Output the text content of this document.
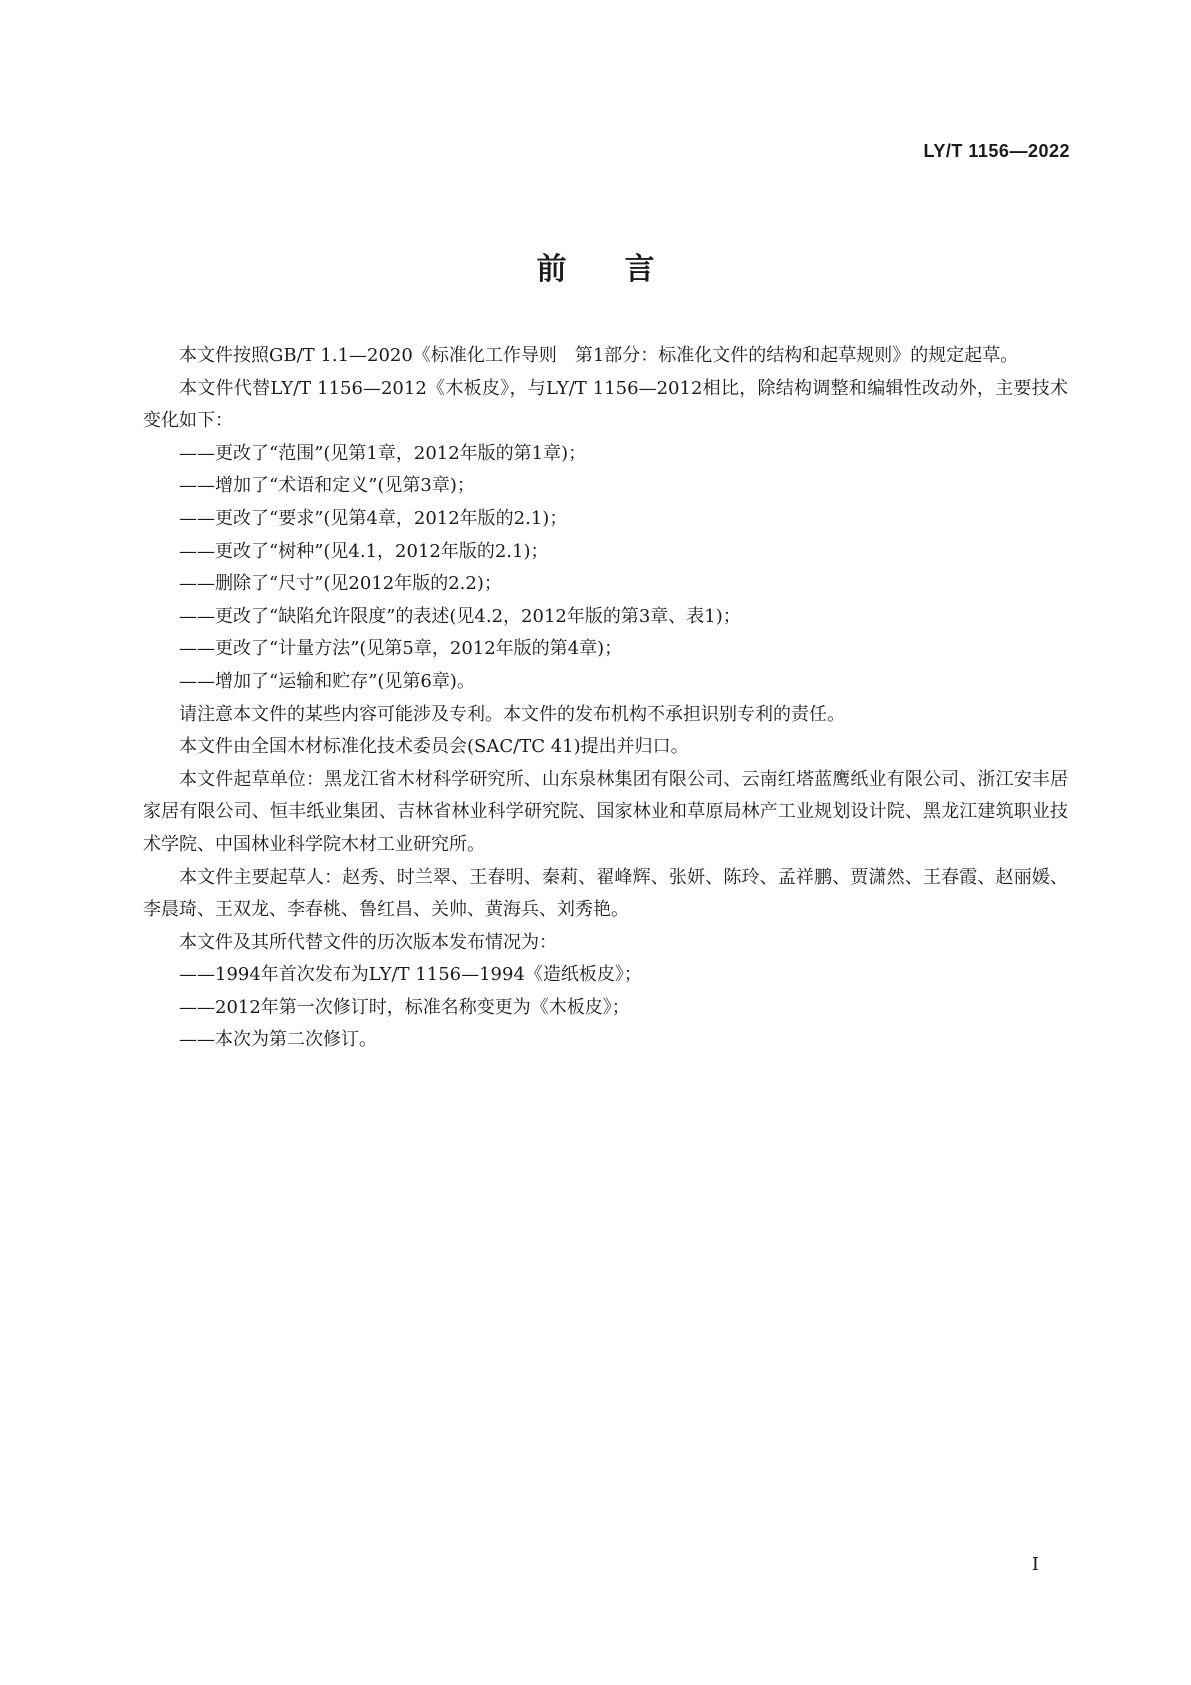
LY/T 1156—2022
前言

本文件按照GB/T 1.1—2020《标准化工作导则　第1部分：标准化文件的结构和起草规则》的规定起草。

本文件代替LY/T 1156—2012《木板皮》，与LY/T 1156—2012相比，除结构调整和编辑性改动外，主要技术变化如下：

——更改了“范围”(见第1章，2012年版的第1章)；

——增加了“术语和定义”(见第3章)；

——更改了“要求”(见第4章，2012年版的2.1)；

——更改了“树种”(见4.1，2012年版的2.1)；

——删除了“尺寸”(见2012年版的2.2)；

——更改了“缺陷允许限度”的表述(见4.2，2012年版的第3章、表1)；

——更改了“计量方法”(见第5章，2012年版的第4章)；

——增加了“运输和贮存”(见第6章)。

请注意本文件的某些内容可能涉及专利。本文件的发布机构不承担识别专利的责任。

本文件由全国木材标准化技术委员会(SAC/TC 41)提出并归口。

本文件起草单位：黑龙江省木材科学研究所、山东泉林集团有限公司、云南红塔蓝鹰纸业有限公司、浙江安丰居家居有限公司、恒丰纸业集团、吉林省林业科学研究院、国家林业和草原局林产工业规划设计院、黑龙江建筑职业技术学院、中国林业科学院木材工业研究所。

本文件主要起草人：赵秀、时兰翠、王春明、秦莉、翟峰辉、张妍、陈玲、孟祥鹏、贾潇然、王春霞、赵丽媛、李晨琦、王双龙、李春桃、鲁红昌、关帅、黄海兵、刘秀艳。

本文件及其所代替文件的历次版本发布情况为：

——1994年首次发布为LY/T 1156—1994《造纸板皮》；

——2012年第一次修订时，标准名称变更为《木板皮》；

——本次为第二次修订。

I
